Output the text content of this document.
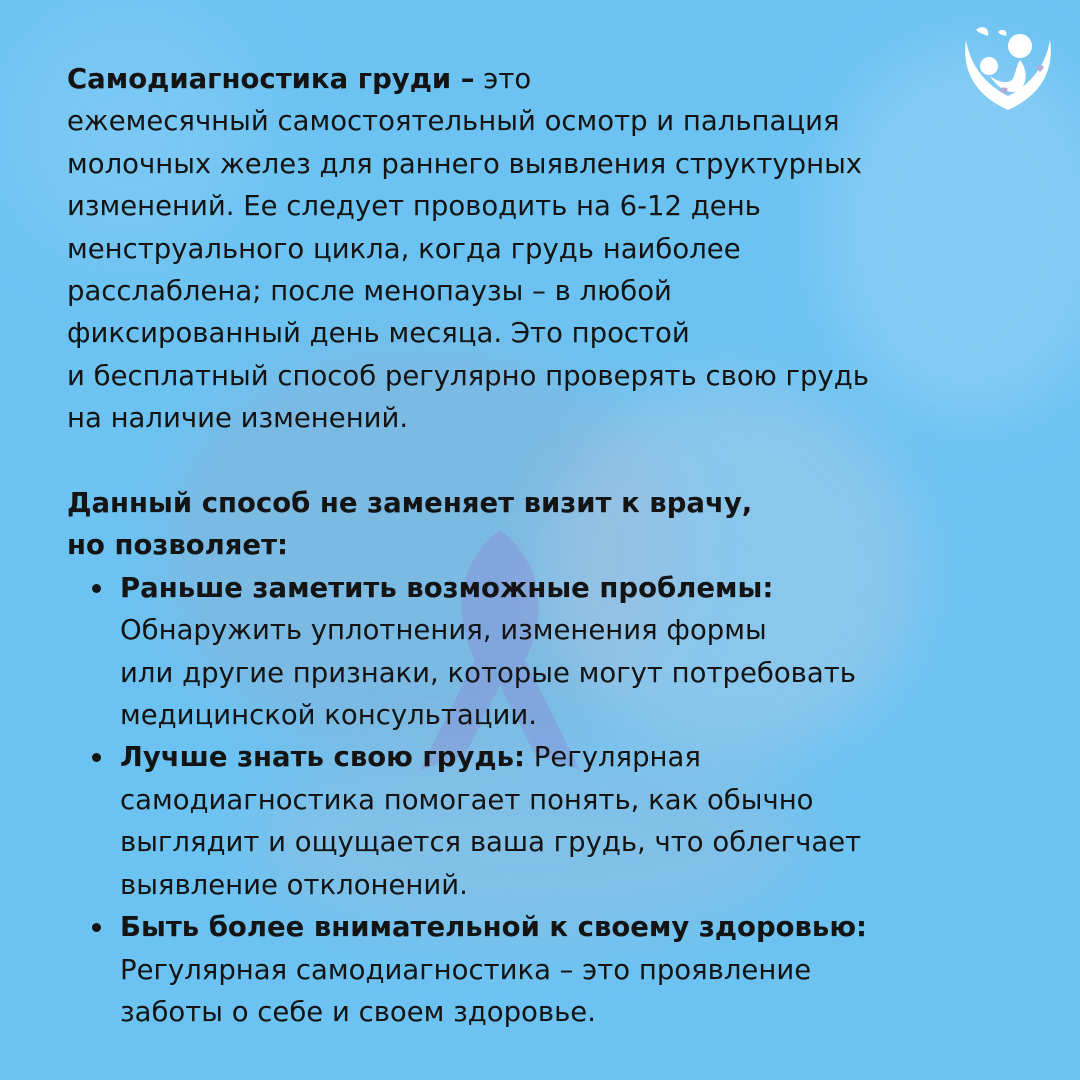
Самодиагностика груди – это
ежемесячный самостоятельный осмотр и пальпация
молочных желез для раннего выявления структурных
изменений. Ее следует проводить на 6-12 день
менструального цикла, когда грудь наиболее
расслаблена; после менопаузы – в любой
фиксированный день месяца. Это простой
и бесплатный способ регулярно проверять свою грудь
на наличие изменений.

Данный способ не заменяет визит к врачу,
но позволяет:

Раньше заметить возможные проблемы:
Обнаружить уплотнения, изменения формы
или другие признаки, которые могут потребовать
медицинской консультации.
Лучше знать свою грудь: Регулярная
самодиагностика помогает понять, как обычно
выглядит и ощущается ваша грудь, что облегчает
выявление отклонений.
Быть более внимательной к своему здоровью:
Регулярная самодиагностика – это проявление
заботы о себе и своем здоровье.
